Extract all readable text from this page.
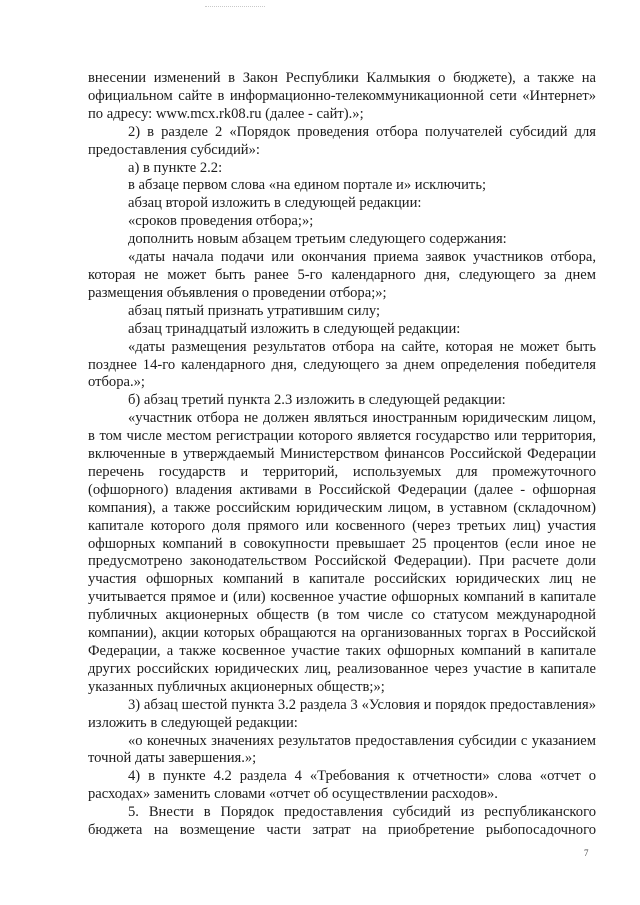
внесении изменений в Закон Республики Калмыкия о бюджете), а также на официальном сайте в информационно-телекоммуникационной сети «Интернет» по адресу: www.mcx.rk08.ru (далее - сайт).»;

2) в разделе 2 «Порядок проведения отбора получателей субсидий для предоставления субсидий»:

а) в пункте 2.2:

в абзаце первом слова «на едином портале и» исключить;

абзац второй изложить в следующей редакции:

«сроков проведения отбора;»;

дополнить новым абзацем третьим следующего содержания:

«даты начала подачи или окончания приема заявок участников отбора, которая не может быть ранее 5-го календарного дня, следующего за днем размещения объявления о проведении отбора;»;

абзац пятый признать утратившим силу;

абзац тринадцатый изложить в следующей редакции:

«даты размещения результатов отбора на сайте, которая не может быть позднее 14-го календарного дня, следующего за днем определения победителя отбора.»;

б) абзац третий пункта 2.3 изложить в следующей редакции:

«участник отбора не должен являться иностранным юридическим лицом, в том числе местом регистрации которого является государство или территория, включенные в утверждаемый Министерством финансов Российской Федерации перечень государств и территорий, используемых для промежуточного (офшорного) владения активами в Российской Федерации (далее - офшорная компания), а также российским юридическим лицом, в уставном (складочном) капитале которого доля прямого или косвенного (через третьих лиц) участия офшорных компаний в совокупности превышает 25 процентов (если иное не предусмотрено законодательством Российской Федерации). При расчете доли участия офшорных компаний в капитале российских юридических лиц не учитывается прямое и (или) косвенное участие офшорных компаний в капитале публичных акционерных обществ (в том числе со статусом международной компании), акции которых обращаются на организованных торгах в Российской Федерации, а также косвенное участие таких офшорных компаний в капитале других российских юридических лиц, реализованное через участие в капитале указанных публичных акционерных обществ;»;

3) абзац шестой пункта 3.2 раздела 3 «Условия и порядок предоставления» изложить в следующей редакции:

«о конечных значениях результатов предоставления субсидии с указанием точной даты завершения.»;

4) в пункте 4.2 раздела 4 «Требования к отчетности» слова «отчет о расходах» заменить словами «отчет об осуществлении расходов».

5. Внести в Порядок предоставления субсидий из республиканского бюджета на возмещение части затрат на приобретение рыбопосадочного

7
